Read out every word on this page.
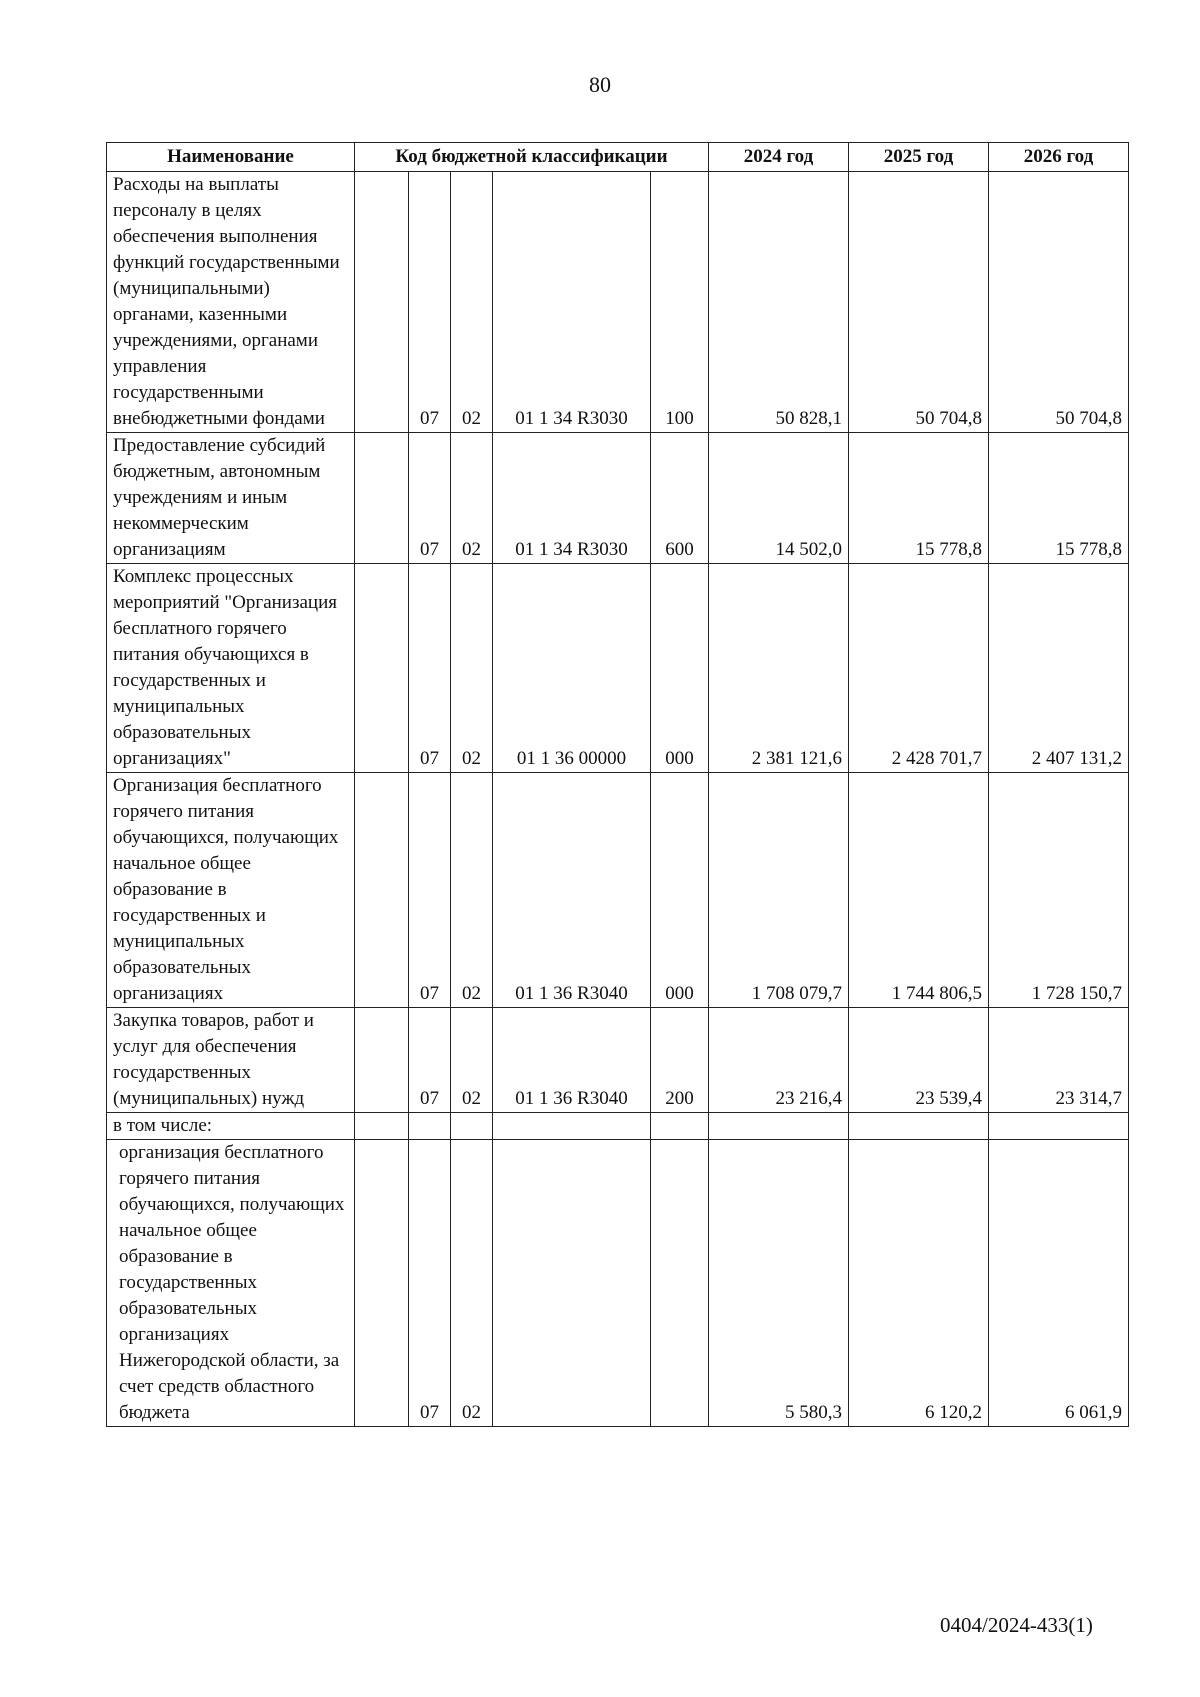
80
Наименование	Код бюджетной классификации					2024 год	2025 год	2026 год
Расходы на выплаты персоналу в целях обеспечения выполнения функций государственными (муниципальными) органами, казенными учреждениями, органами управления государственными внебюджетными фондами		07	02	01 1 34 R3030	100	50 828,1	50 704,8	50 704,8
Предоставление субсидий бюджетным, автономным учреждениям и иным некоммерческим организациям		07	02	01 1 34 R3030	600	14 502,0	15 778,8	15 778,8
Комплекс процессных мероприятий "Организация бесплатного горячего питания обучающихся в государственных и муниципальных образовательных организациях"		07	02	01 1 36 00000	000	2 381 121,6	2 428 701,7	2 407 131,2
Организация бесплатного горячего питания обучающихся, получающих начальное общее образование в государственных и муниципальных образовательных организациях		07	02	01 1 36 R3040	000	1 708 079,7	1 744 806,5	1 728 150,7
Закупка товаров, работ и услуг для обеспечения государственных (муниципальных) нужд		07	02	01 1 36 R3040	200	23 216,4	23 539,4	23 314,7
в том числе:								
организация бесплатного горячего питания обучающихся, получающих начальное общее образование в государственных образовательных организациях Нижегородской области, за счет средств областного бюджета		07	02			5 580,3	6 120,2	6 061,9
0404/2024-433(1)
